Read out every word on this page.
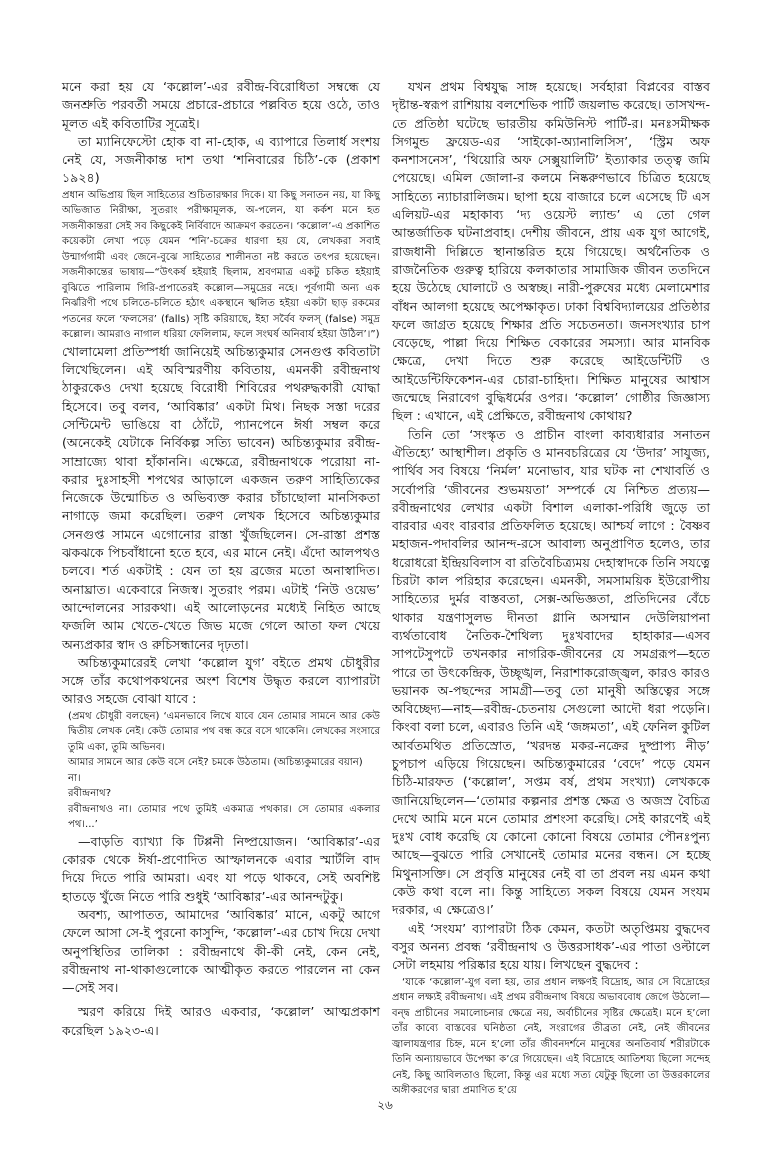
মনে করা হয় যে ‘কল্লোল’-এর রবীন্দ্র-বিরোধিতা সম্বন্ধে যে জনশ্রুতি পরবর্তী সময়ে প্রচারে-প্রচারে পল্লবিত হয়ে ওঠে, তাও মূলত এই কবিতাটির সূত্রেই।

তা ম্যানিফেস্টো হোক বা না-হোক, এ ব্যাপারে তিলার্ধ সংশয় নেই যে, সজনীকান্ত দাশ তথা ‘শনিবারের চিঠি’-কে (প্রকাশ ১৯২৪)

প্রধান অভিপ্রায় ছিল সাহিত্যের শুচিতারক্ষার দিকে। যা কিছু সনাতন নয়, যা কিছু অভিজাত নিরীক্ষা, সুতরাং পরীক্ষামূলক, অ-পলেন, যা কর্কশ মনে হত সজনীকান্তরা সেই সব কিছুকেই নির্বিবাদে আক্রমণ করতেন। ‘কল্লোল’-এ প্রকাশিত কয়েকটা লেখা পড়ে যেমন ‘শনি’-চক্রের ধারণা হয় যে, লেখকরা সবাই উন্মার্গগামী এবং জেনে-বুঝে সাহিত্যের শালীনতা নষ্ট করতে তৎপর হয়েছেন। সজনীকান্তের ভাষায়—“উৎকর্ষ হইয়াই ছিলাম, শ্রবণমাত্র একটু চকিত হইয়াই বুঝিতে পারিলাম গিরি-প্রপাতেরই কল্লোল—সমুদ্রের নহে। পূর্বগামী অন্য এক নির্ঝরিণী পথে চলিতে-চলিতে হঠাৎ একস্থানে স্খলিত হইয়া একটা ছাড় রকমের পতনের ফলে ‘ফলসের’ (falls) সৃষ্টি করিয়াছে, ইহা সর্বৈব ফলস্ (false) সমুদ্র কল্লোল। আমরাও নাগাল ধরিয়া ফেলিলাম, ফলে সংঘর্ষ অনিবার্য হইয়া উঠিল’।”)

খোলামেলা প্রতিস্পর্ধা জানিয়েই অচিন্ত্যকুমার সেনগুপ্ত কবিতাটা লিখেছিলেন। এই অবিস্মরণীয় কবিতায়, এমনকী রবীন্দ্রনাথ ঠাকুরকেও দেখা হয়েছে বিরোধী শিবিরের পথরুদ্ধকারী যোদ্ধা হিসেবে। তবু বলব, ‘আবিষ্কার’ একটা মিথ। নিছক সস্তা দরের সেন্টিমেন্ট ভাঙিয়ে বা ঠোঁটে, প্যানপেনে ঈর্ষা সম্বল করে (অনেকেই যেটাকে নির্বিকল্প সত্যি ভাবেন) অচিন্ত্যকুমার রবীন্দ্র-সাম্রাজ্যে থাবা হাঁকাননি। এক্ষেত্রে, রবীন্দ্রনাথকে পরোয়া না-করার দুঃসাহসী শপথের আড়ালে একজন তরুণ সাহিত্যিকের নিজেকে উন্মোচিত ও অভিব্যক্ত করার চাঁচাছোলা মানসিকতা নাগাড়ে জমা করেছিল। তরুণ লেখক হিসেবে অচিন্ত্যকুমার সেনগুপ্ত সামনে এগোনোর রাস্তা খুঁজছিলেন। সে-রাস্তা প্রশস্ত ঝকঝকে পিচবাঁধানো হতে হবে, এর মানে নেই। এঁদো আলপথও চলবে। শর্ত একটাই : যেন তা হয় ব্রজের মতো অনাস্বাদিত। অনাঘ্রাত। একেবারে নিজস্ব। সুতরাং পরম। এটাই ‘নিউ ওয়েভ’ আন্দোলনের সারকথা। এই আলোড়নের মধ্যেই নিহিত আছে ফজলি আম খেতে-খেতে জিভ মজে গেলে আতা ফল খেয়ে অন্যপ্রকার স্বাদ ও রুচিসন্ধানের দৃঢ়তা।

অচিন্ত্যকুমারেরই লেখা ‘কল্লোল যুগ’ বইতে প্রমথ চৌধুরীর সঙ্গে তাঁর কথোপকথনের অংশ বিশেষ উদ্ধৃত করলে ব্যাপারটা আরও সহজে বোঝা যাবে :

(প্রমথ চৌধুরী বলছেন) ‘এমনভাবে লিখে যাবে যেন তোমার সামনে আর কেউ দ্বিতীয় লেখক নেই। কেউ তোমার পথ বন্ধ করে বসে থাকেনি। লেখকের সংসারে তুমি একা, তুমি অভিনব।

আমার সামনে আর কেউ বসে নেই? চমকে উঠতাম। (অচিন্ত্যকুমারের বয়ান)

না।

রবীন্দ্রনাথ?

রবীন্দ্রনাথও না। তোমার পথে তুমিই একমাত্র পথকার। সে তোমার একলার পথ।...’

—বাড়তি ব্যাখ্যা কি টিপ্পনী নিষ্প্রয়োজন। ‘আবিষ্কার’-এর কোরক থেকে ঈর্ষা-প্রণোদিত আস্ফালনকে এবার স্মার্টলি বাদ দিয়ে দিতে পারি আমরা। এবং যা পড়ে থাকবে, সেই অবশিষ্ট হাতড়ে খুঁজে নিতে পারি শুধুই ‘আবিষ্কার’-এর আনন্দটুকু।

অবশ্য, আপাতত, আমাদের ‘আবিষ্কার’ মানে, একটু আগে ফেলে আসা সে-ই পুরনো কাসুন্দি, ‘কল্লোল’-এর চোখ দিয়ে দেখা অনুপস্থিতির তালিকা : রবীন্দ্রনাথে কী-কী নেই, কেন নেই, রবীন্দ্রনাথ না-থাকাগুলোকে আত্মীকৃত করতে পারলেন না কেন—সেই সব।

স্মরণ করিয়ে দিই আরও একবার, ‘কল্লোল’ আত্মপ্রকাশ করেছিল ১৯২৩-এ।

যখন প্রথম বিশ্বযুদ্ধ সাঙ্গ হয়েছে। সর্বহারা বিপ্লবের বাস্তব দৃষ্টান্ত-স্বরূপ রাশিয়ায় বলশেভিক পার্টি জয়লাভ করেছে। তাসখন্দ-তে প্রতিষ্ঠা ঘটেছে ভারতীয় কমিউনিস্ট পার্টি-র। মনঃসমীক্ষক সিগমুন্ড ফ্রয়েড-এর ‘সাইকো-অ্যানালিসিস’, ‘স্ট্রিম অফ কনশাসনেস’, ‘থিয়োরি অফ সেক্সুয়ালিটি’ ইত্যাকার তত্ত্ব জমি পেয়েছে। এমিল জোলা-র কলমে নিষ্করুণভাবে চিত্রিত হয়েছে সাহিত্যে ন্যাচারালিজম। ছাপা হয়ে বাজারে চলে এসেছে টি এস এলিয়ট-এর মহাকাব্য ‘দ্য ওয়েস্ট ল্যান্ড’ এ তো গেল আন্তর্জাতিক ঘটনাপ্রবাহ। দেশীয় জীবনে, প্রায় এক যুগ আগেই, রাজধানী দিল্লিতে স্থানান্তরিত হয়ে গিয়েছে। অর্থনৈতিক ও রাজনৈতিক গুরুত্ব হারিয়ে কলকাতার সামাজিক জীবন ততদিনে হয়ে উঠেছে ঘোলাটে ও অস্বচ্ছ। নারী-পুরুষের মধ্যে মেলামেশার বাঁধন আলগা হয়েছে অপেক্ষাকৃত। ঢাকা বিশ্ববিদ্যালয়ের প্রতিষ্ঠার ফলে জাগ্রত হয়েছে শিক্ষার প্রতি সচেতনতা। জনসংখ্যার চাপ বেড়েছে, পাল্লা দিয়ে শিক্ষিত বেকারের সমস্যা। আর মানবিক ক্ষেত্রে, দেখা দিতে শুরু করেছে আইডেন্টিটি ও আইডেন্টিফিকেশন-এর চোরা-চাহিদা। শিক্ষিত মানুষের আশ্বাস জন্মেছে নিরাবেগ বুদ্ধিধর্মের ওপর। ‘কল্লোল’ গোষ্ঠীর জিজ্ঞাস্য ছিল : এখানে, এই প্রেক্ষিতে, রবীন্দ্রনাথ কোথায়?

তিনি তো ‘সংস্কৃত ও প্রাচীন বাংলা কাব্যধারার সনাতন ঐতিহ্যে’ আস্থাশীল। প্রকৃতি ও মানবচরিত্রের যে ‘উদার’ সাযুজ্য, পার্থিব সব বিষয়ে ‘নির্মল’ মনোভাব, যার ঘটক না শেখাবর্তি ও সর্বোপরি ‘জীবনের শুভময়তা’ সম্পর্কে যে নিশ্চিত প্রত্যয়—রবীন্দ্রনাথের লেখার একটা বিশাল এলাকা-পরিধি জুড়ে তা বারবার এবং বারবার প্রতিফলিত হয়েছে। আশ্চর্য লাগে : বৈষ্ণব মহাজন-পদাবলির আনন্দ-রসে আবাল্য অনুপ্রাণিত হলেও, তার ধরোধরো ইন্দ্রিয়বিলাস বা রতিবৈচিত্র্যময় দেহাস্বাদকে তিনি সযত্নে চিরটা কাল পরিহার করেছেন। এমনকী, সমসাময়িক ইউরোপীয় সাহিত্যের দুর্মর বাস্তবতা, সেক্স-অভিজ্ঞতা, প্রতিদিনের বেঁচে থাকার যন্ত্রণাসুলভ দীনতা গ্লানি অসম্মান দেউলিয়াপনা ব্যর্থতাবোধ নৈতিক-শৈথিল্য দুঃখবাদের হাহাকার—এসব সাপটেসুপটে তখনকার নাগরিক-জীবনের যে সমগ্ররূপ—হতে পারে তা উৎকেন্দ্রিক, উচ্ছৃঙ্খল, নিরাশাকরোজ্জ্বল, কারও কারও ভয়ানক অ-পছন্দের সামগ্রী—তবু তো মানুষী অস্তিত্বের সঙ্গে অবিচ্ছেদ্য—নাহ—রবীন্দ্র-চেতনায় সেগুলো আদৌ ধরা পড়েনি। কিংবা বলা চলে, এবারও তিনি এই ‘জঙ্গমতা’, এই ফেনিল কুটিল আর্বতমথিত প্রতিস্রোত, ‘খরদন্ত মকর-নক্রের দুষ্প্রাপ্য নীড়’ চুপচাপ এড়িয়ে গিয়েছেন। অচিন্ত্যকুমারের ‘বেদে’ পড়ে যেমন চিঠি-মারফত (‘কল্লোল’, সপ্তম বর্ষ, প্রথম সংখ্যা) লেখককে জানিয়েছিলেন—‘তোমার কল্পনার প্রশস্ত ক্ষেত্র ও অজস্র বৈচিত্র দেখে আমি মনে মনে তোমার প্রশংসা করেছি। সেই কারণেই এই দুঃখ বোধ করেছি যে কোনো কোনো বিষয়ে তোমার পৌনঃপুন্য আছে—বুঝতে পারি সেখানেই তোমার মনের বন্ধন। সে হচ্ছে মিথুনাসক্তি। সে প্রবৃত্তি মানুষের নেই বা তা প্রবল নয় এমন কথা কেউ কথা বলে না। কিন্তু সাহিত্যে সকল বিষয়ে যেমন সংযম দরকার, এ ক্ষেত্রেও।’

এই ‘সংযম’ ব্যাপারটা ঠিক কেমন, কতটা অতৃপ্তিময় বুদ্ধদেব বসুর অনন্য প্রবন্ধ ‘রবীন্দ্রনাথ ও উত্তরসাধক’-এর পাতা ওল্টালে সেটা লহমায় পরিষ্কার হয়ে যায়। লিখছেন বুদ্ধদেব :

‘যাকে ‘কল্লোল’-যুগ বলা হয়, তার প্রধান লক্ষণই বিদ্রোহ, আর সে বিদ্রোহের প্রধান লক্ষ্যই রবীন্দ্রনাথ। এই প্রথম রবীন্দ্রনাথ বিষয়ে অভাববোধ জেগে উঠলো—বন্দ্ব প্রাচীনের সমালোচনার ক্ষেত্রে নয়, অর্বাচীনের সৃষ্টির ক্ষেত্রেই। মনে হ’লো তাঁর কাব্যে বাস্তবের ঘনিষ্ঠতা নেই, সংরাগের তীব্রতা নেই, নেই জীবনের জ্বালাযন্ত্রণার চিহ্ন, মনে হ’লো তাঁর জীবনদর্শনে মানুষের অনতিবার্য শরীরটাকে তিনি অন্যায়ভাবে উপেক্ষা ক’রে গিয়েছেন। এই বিদ্রোহে আতিশয্য ছিলো সন্দেহ নেই, কিছু আবিলতাও ছিলো, কিন্তু এর মধ্যে সত্য যেটুকু ছিলো তা উত্তরকালের অঙ্গীকরণের দ্বারা প্রমাণিত হ’য়ে

২৬
